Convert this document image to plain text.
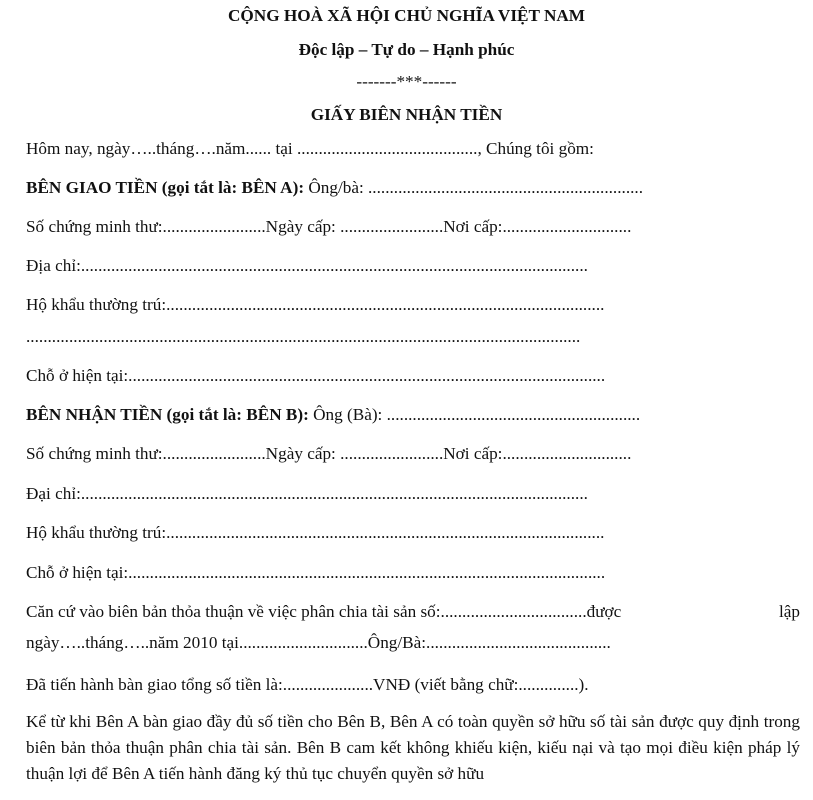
CỘNG HOÀ XÃ HỘI CHỦ NGHĨA VIỆT NAM
Độc lập – Tự do – Hạnh phúc
-------***------
GIẤY BIÊN NHẬN TIỀN
Hôm nay, ngày…..tháng….năm...... tại .........................................., Chúng tôi gồm:
BÊN GIAO TIỀN (gọi tắt là: BÊN A): Ông/bà: ................................................................
Số chứng minh thư:........................Ngày cấp: ........................Nơi cấp:..............................
Địa chỉ:......................................................................................................................
Hộ khẩu thường trú:......................................................................................................
.................................................................................................................................
Chỗ ở hiện tại:...............................................................................................................
BÊN NHẬN TIỀN (gọi tắt là: BÊN B): Ông (Bà): ...........................................................
Số chứng minh thư:........................Ngày cấp: ........................Nơi cấp:..............................
Đại chỉ:......................................................................................................................
Hộ khẩu thường trú:......................................................................................................
Chỗ ở hiện tại:...............................................................................................................
Căn cứ vào biên bản thỏa thuận về việc phân chia tài sản số:..................................được	lập
ngày…..tháng…..năm 2010 tại..............................Ông/Bà:...........................................
Đã tiến hành bàn giao tổng số tiền là:.....................VNĐ (viết bằng chữ:..............).
Kể từ khi Bên A bàn giao đầy đủ số tiền cho Bên B, Bên A có toàn quyền sở hữu số tài sản được quy định trong biên bản thỏa thuận phân chia tài sản. Bên B cam kết không khiếu kiện, kiếu nại và tạo mọi điều kiện pháp lý thuận lợi để Bên A tiến hành đăng ký thủ tục chuyển quyền sở hữu
